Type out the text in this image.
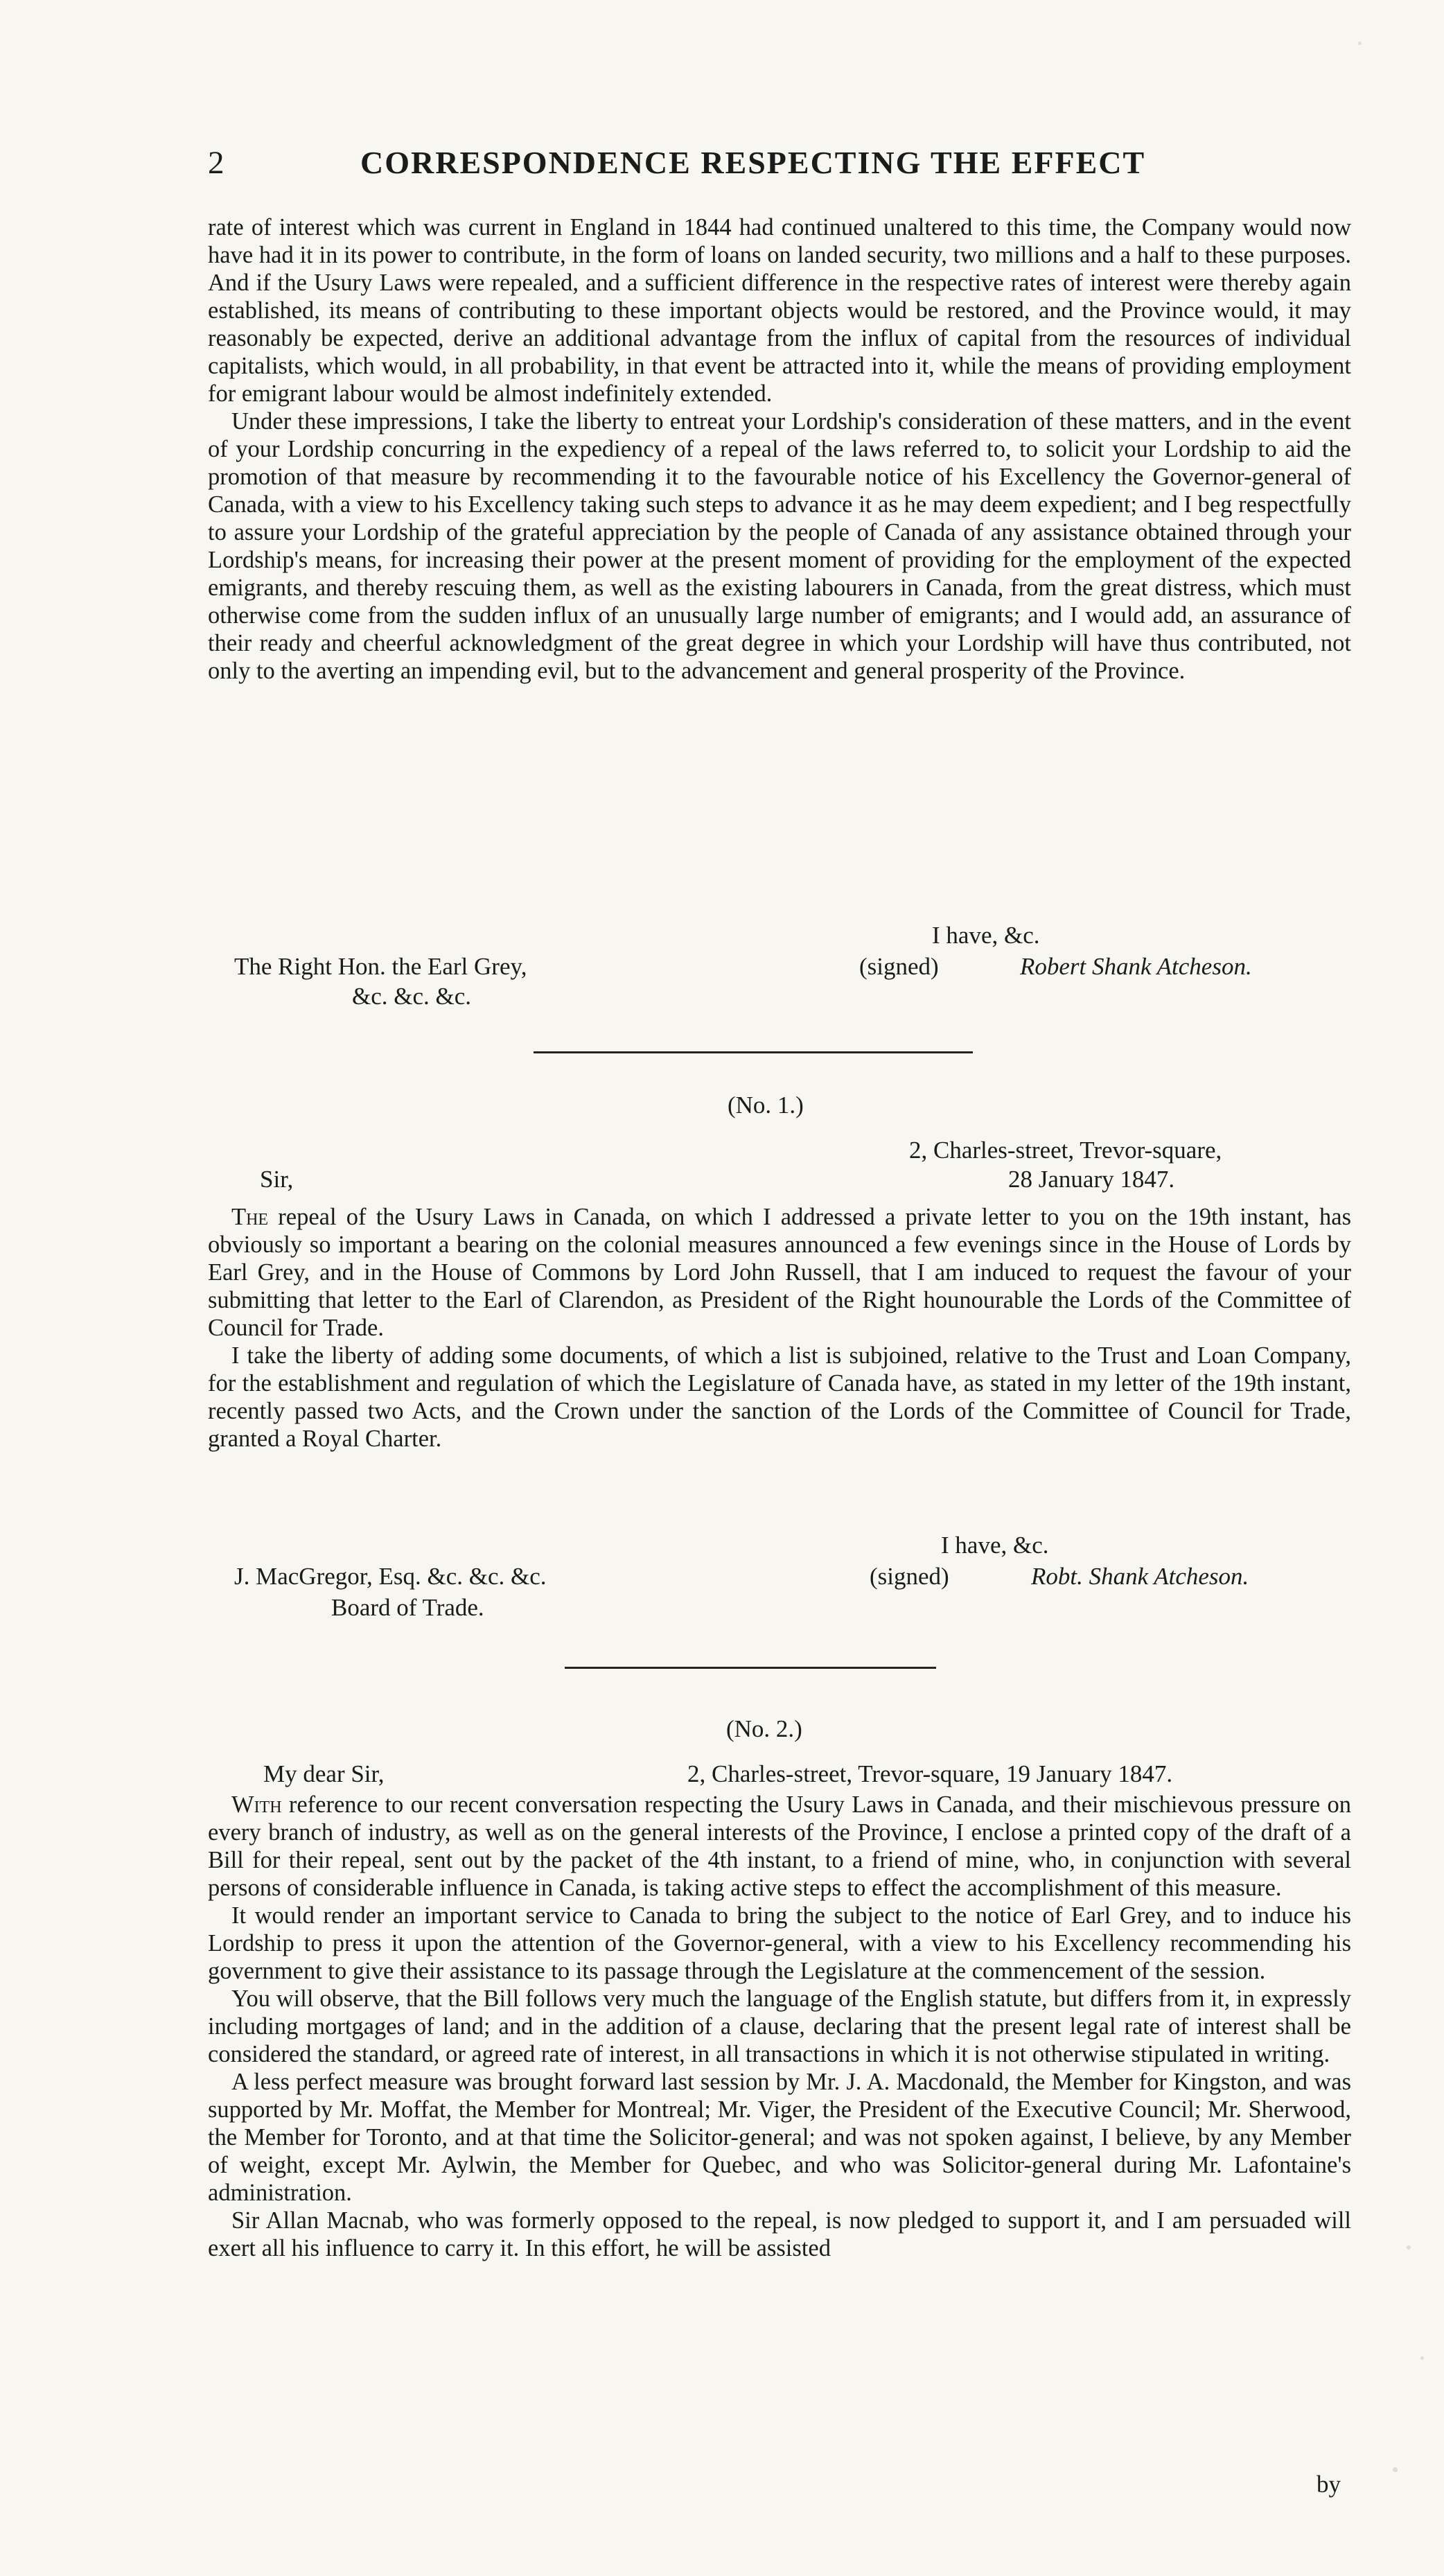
2	CORRESPONDENCE RESPECTING THE EFFECT

rate of interest which was current in England in 1844 had continued unaltered to this time, the Company would now have had it in its power to contribute, in the form of loans on landed security, two millions and a half to these purposes. And if the Usury Laws were repealed, and a sufficient difference in the respective rates of interest were thereby again established, its means of contributing to these important objects would be restored, and the Province would, it may reasonably be expected, derive an additional advantage from the influx of capital from the resources of individual capitalists, which would, in all probability, in that event be attracted into it, while the means of providing employment for emigrant labour would be almost indefinitely extended.

Under these impressions, I take the liberty to entreat your Lordship's consideration of these matters, and in the event of your Lordship concurring in the expediency of a repeal of the laws referred to, to solicit your Lordship to aid the promotion of that measure by recommending it to the favourable notice of his Excellency the Governor-general of Canada, with a view to his Excellency taking such steps to advance it as he may deem expedient; and I beg respectfully to assure your Lordship of the grateful appreciation by the people of Canada of any assistance obtained through your Lordship's means, for increasing their power at the present moment of providing for the employment of the expected emigrants, and thereby rescuing them, as well as the existing labourers in Canada, from the great distress, which must otherwise come from the sudden influx of an unusually large number of emigrants; and I would add, an assurance of their ready and cheerful acknowledgment of the great degree in which your Lordship will have thus contributed, not only to the averting an impending evil, but to the advancement and general prosperity of the Province.

I have, &c.
The Right Hon. the Earl Grey,
&c. &c. &c.
(signed)	Robert Shank Atcheson.
(No. 1.)
2, Charles-street, Trevor-square,
28 January 1847.
Sir,

The repeal of the Usury Laws in Canada, on which I addressed a private letter to you on the 19th instant, has obviously so important a bearing on the colonial measures announced a few evenings since in the House of Lords by Earl Grey, and in the House of Commons by Lord John Russell, that I am induced to request the favour of your submitting that letter to the Earl of Clarendon, as President of the Right hounourable the Lords of the Committee of Council for Trade.

I take the liberty of adding some documents, of which a list is subjoined, relative to the Trust and Loan Company, for the establishment and regulation of which the Legislature of Canada have, as stated in my letter of the 19th instant, recently passed two Acts, and the Crown under the sanction of the Lords of the Committee of Council for Trade, granted a Royal Charter.

I have, &c.
J. MacGregor, Esq. &c. &c. &c.
Board of Trade.
(signed)	Robt. Shank Atcheson.
(No. 2.)
My dear Sir,	2, Charles-street, Trevor-square, 19 January 1847.

With reference to our recent conversation respecting the Usury Laws in Canada, and their mischievous pressure on every branch of industry, as well as on the general interests of the Province, I enclose a printed copy of the draft of a Bill for their repeal, sent out by the packet of the 4th instant, to a friend of mine, who, in conjunction with several persons of considerable influence in Canada, is taking active steps to effect the accomplishment of this measure.

It would render an important service to Canada to bring the subject to the notice of Earl Grey, and to induce his Lordship to press it upon the attention of the Governor-general, with a view to his Excellency recommending his government to give their assistance to its passage through the Legislature at the commencement of the session.

You will observe, that the Bill follows very much the language of the English statute, but differs from it, in expressly including mortgages of land; and in the addition of a clause, declaring that the present legal rate of interest shall be considered the standard, or agreed rate of interest, in all transactions in which it is not otherwise stipulated in writing.

A less perfect measure was brought forward last session by Mr. J. A. Macdonald, the Member for Kingston, and was supported by Mr. Moffat, the Member for Montreal; Mr. Viger, the President of the Executive Council; Mr. Sherwood, the Member for Toronto, and at that time the Solicitor-general; and was not spoken against, I believe, by any Member of weight, except Mr. Aylwin, the Member for Quebec, and who was Solicitor-general during Mr. Lafontaine's administration.

Sir Allan Macnab, who was formerly opposed to the repeal, is now pledged to support it, and I am persuaded will exert all his influence to carry it. In this effort, he will be assisted

by
